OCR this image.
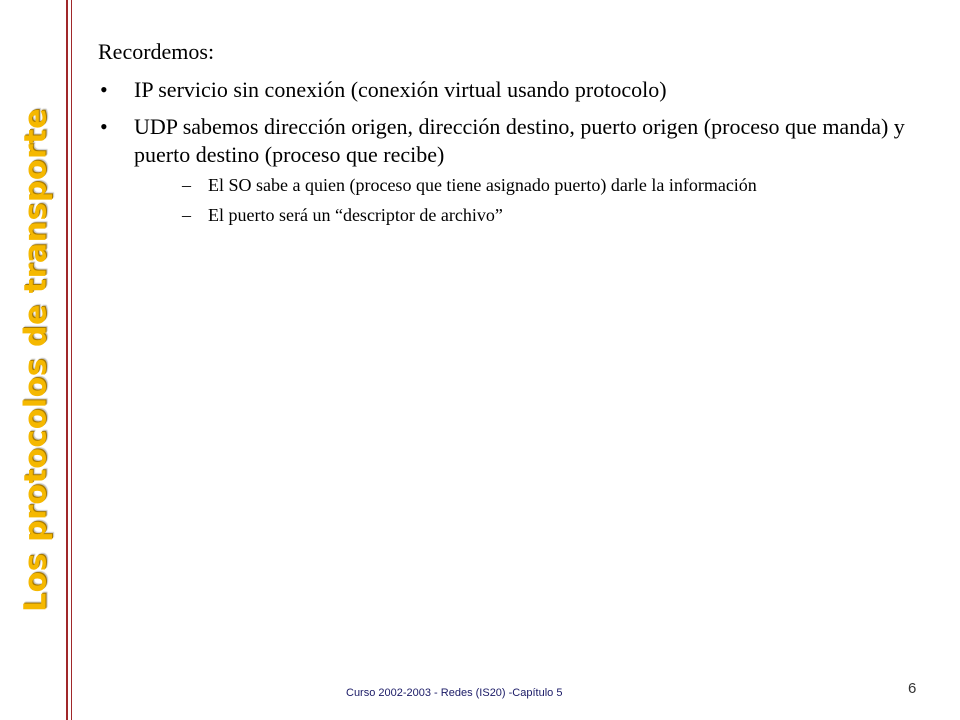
Los protocolos de transporte

Recordemos:

• IP servicio sin conexión (conexión virtual usando protocolo)
• UDP sabemos dirección origen, dirección destino, puerto origen (proceso que manda) y puerto destino (proceso que recibe)
– El SO sabe a quien (proceso que tiene asignado puerto) darle la información
– El puerto será un “descriptor de archivo”
Curso 2002-2003 - Redes (IS20) -Capítulo 5	6
